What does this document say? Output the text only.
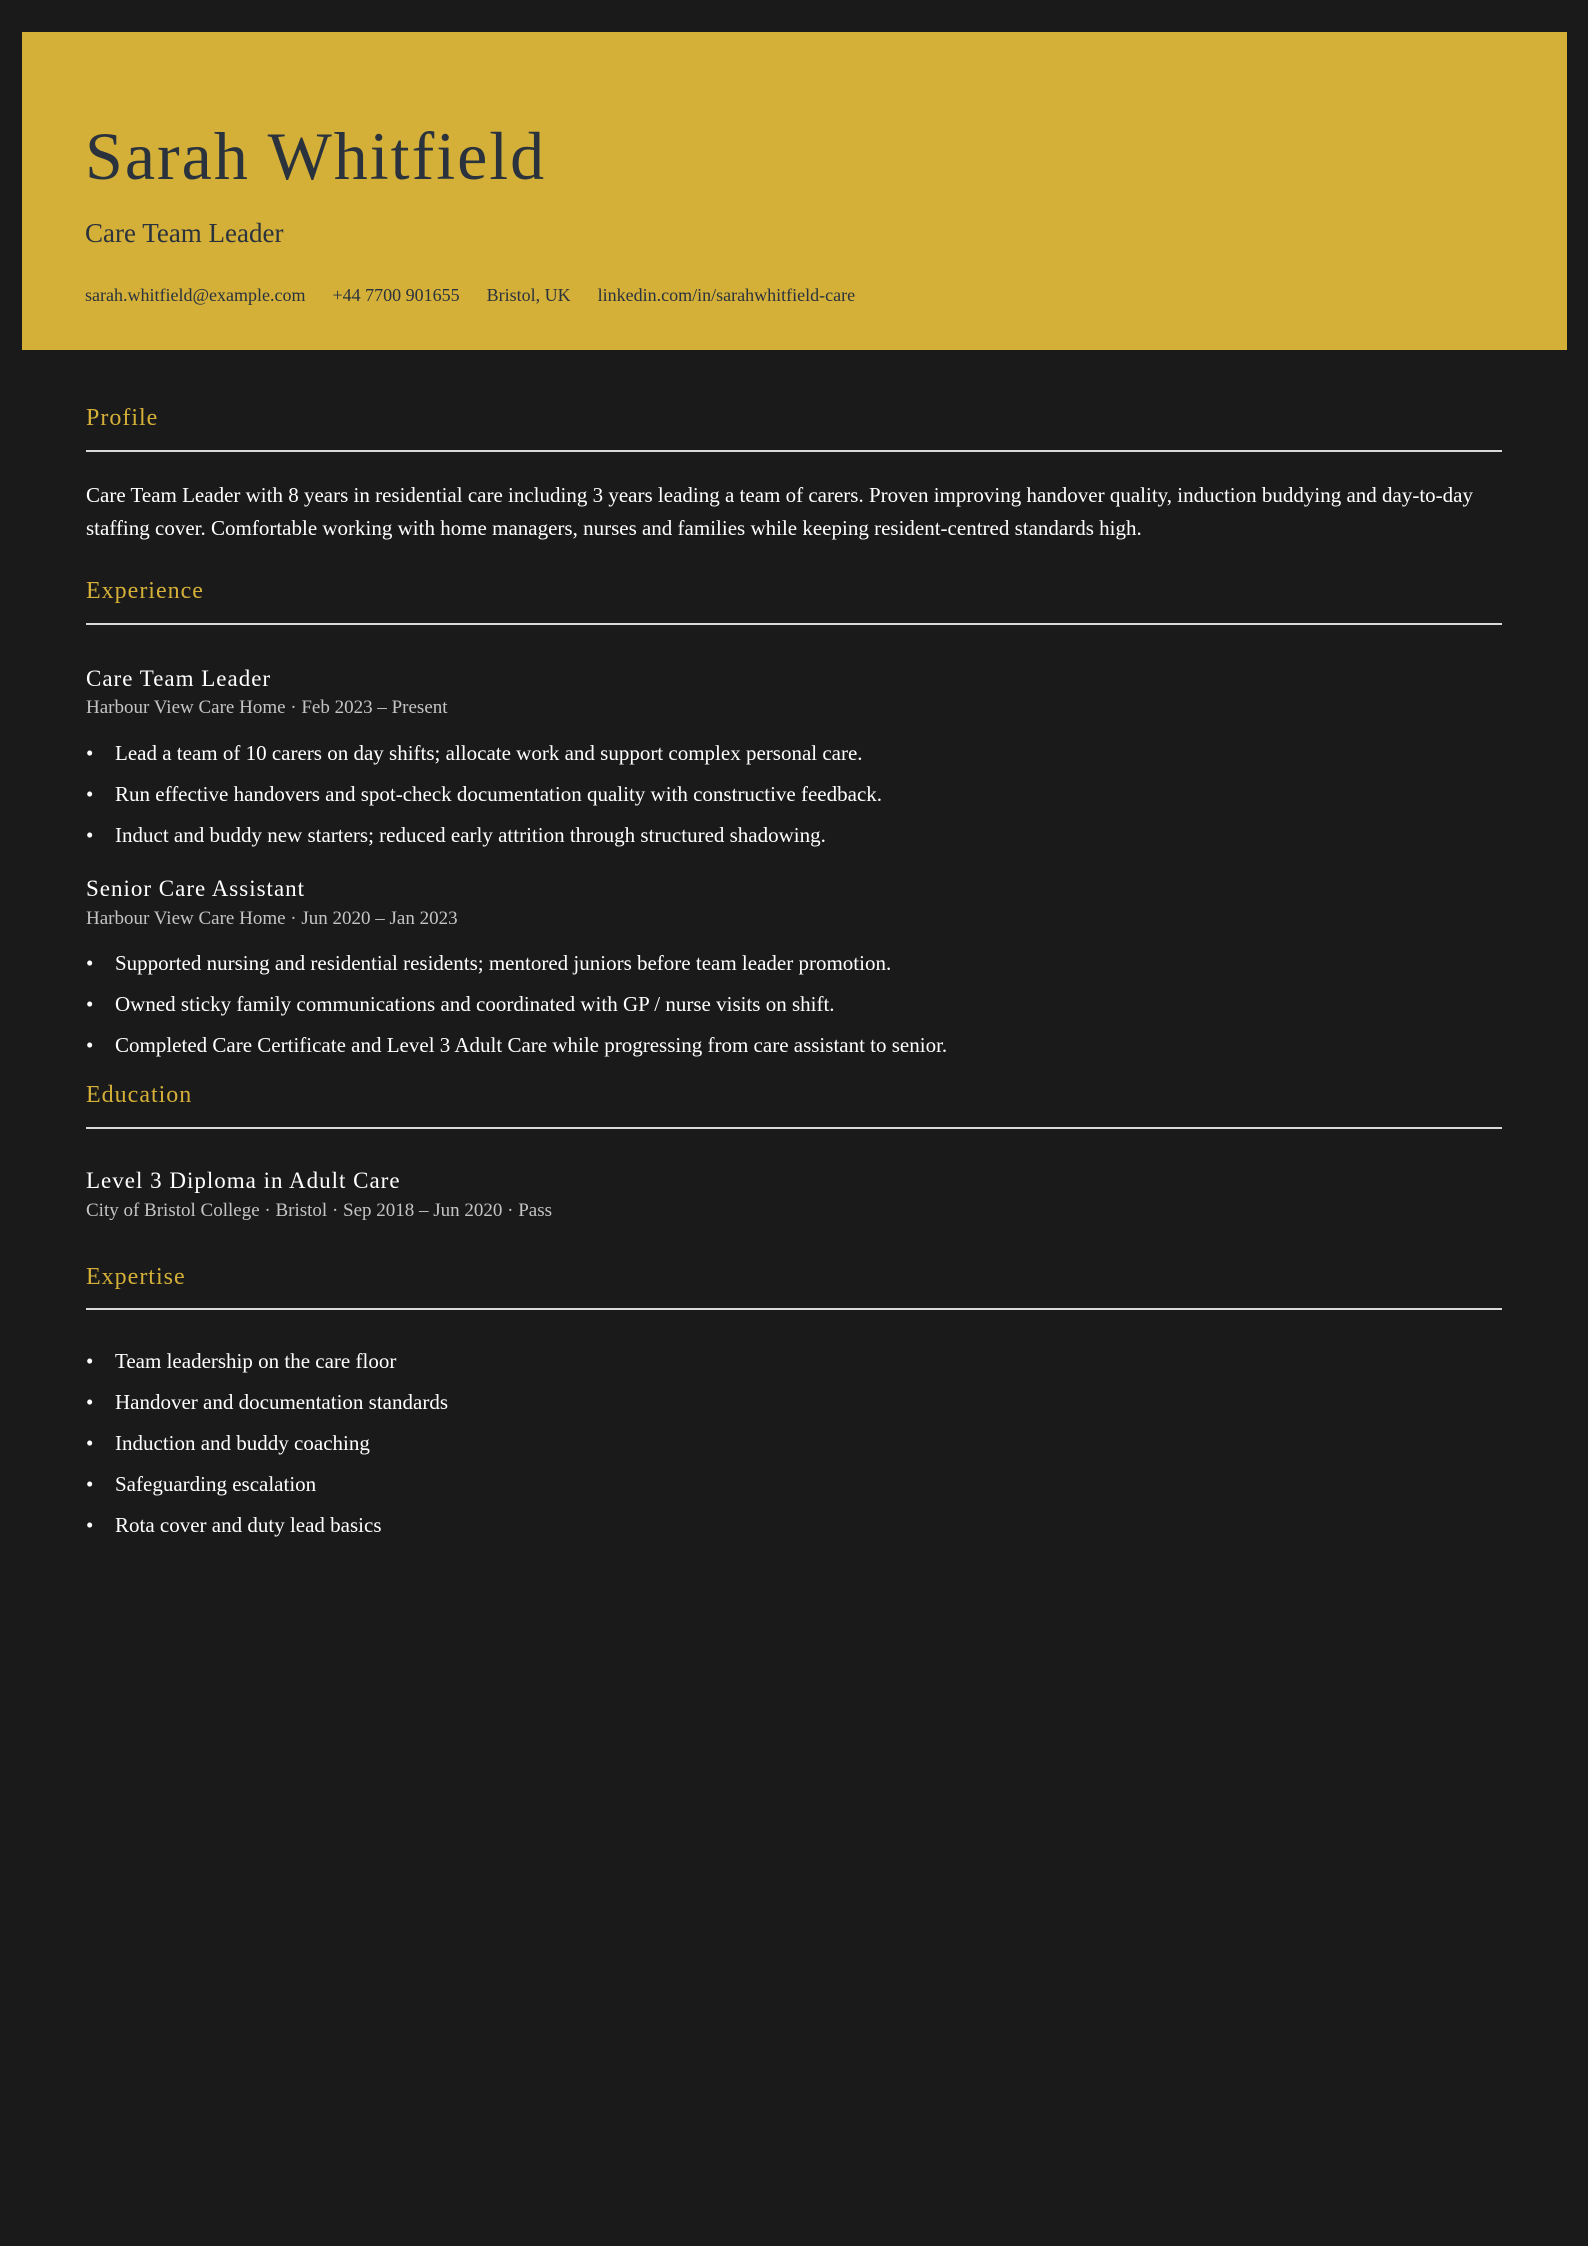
Sarah Whitfield
Care Team Leader
sarah.whitfield@example.com +44 7700 901655 Bristol, UK linkedin.com/in/sarahwhitfield-care
Profile

Care Team Leader with 8 years in residential care including 3 years leading a team of carers. Proven improving handover quality, induction buddying and day-to-day staffing cover. Comfortable working with home managers, nurses and families while keeping resident-centred standards high.

Experience
Care Team Leader
Harbour View Care Home · Feb 2023 – Present
• Lead a team of 10 carers on day shifts; allocate work and support complex personal care.
• Run effective handovers and spot-check documentation quality with constructive feedback.
• Induct and buddy new starters; reduced early attrition through structured shadowing.
Senior Care Assistant
Harbour View Care Home · Jun 2020 – Jan 2023
• Supported nursing and residential residents; mentored juniors before team leader promotion.
• Owned sticky family communications and coordinated with GP / nurse visits on shift.
• Completed Care Certificate and Level 3 Adult Care while progressing from care assistant to senior.
Education
Level 3 Diploma in Adult Care
City of Bristol College · Bristol · Sep 2018 – Jun 2020 · Pass
Expertise
• Team leadership on the care floor
• Handover and documentation standards
• Induction and buddy coaching
• Safeguarding escalation
• Rota cover and duty lead basics
